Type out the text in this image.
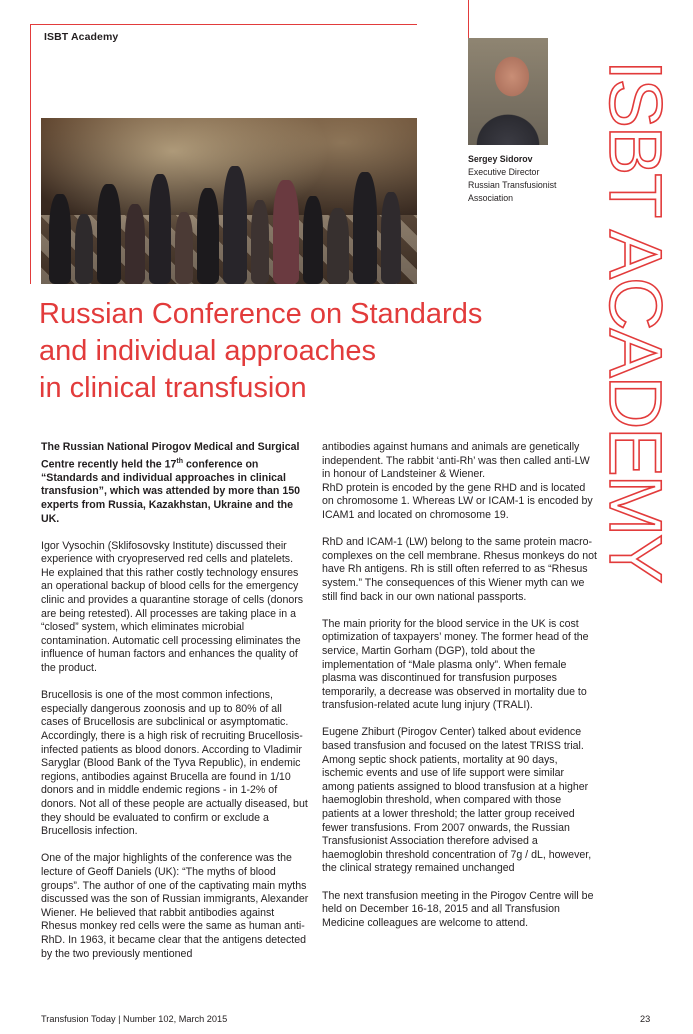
ISBT Academy
Sergey Sidorov
Executive Director
Russian Transfusionist
Association	ISBT ACADEMY
Russian Conference on Standards
and individual approaches
in clinical transfusion

The Russian National Pirogov Medical and Surgical Centre recently held the 17th conference on “Standards and individual approaches in clinical transfusion”, which was attended by more than 150 experts from Russia, Kazakhstan, Ukraine and the UK.

Igor Vysochin (Sklifosovsky Institute) discussed their experience with cryopreserved red cells and platelets. He explained that this rather costly technology ensures an operational backup of blood cells for the emergency clinic and provides a quarantine storage of cells (donors are being retested). All processes are taking place in a “closed” system, which eliminates microbial contamination. Automatic cell processing eliminates the influence of human factors and enhances the quality of the product.

Brucellosis is one of the most common infections, especially dangerous zoonosis and up to 80% of all cases of Brucellosis are subclinical or asymptomatic. Accordingly, there is a high risk of recruiting Brucellosis-infected patients as blood donors. According to Vladimir Saryglar (Blood Bank of the Tyva Republic), in endemic regions, antibodies against Brucella are found in 1/10 donors and in middle endemic regions - in 1-2% of donors. Not all of these people are actually diseased, but they should be evaluated to confirm or exclude a Brucellosis infection.

One of the major highlights of the conference was the lecture of Geoff Daniels (UK): “The myths of blood groups”. The author of one of the captivating main myths discussed was the son of Russian immigrants, Alexander Wiener. He believed that rabbit antibodies against Rhesus monkey red cells were the same as human anti-RhD. In 1963, it became clear that the antigens detected by the two previously mentioned

antibodies against humans and animals are genetically independent. The rabbit ‘anti-Rh’ was then called anti-LW in honour of Landsteiner & Wiener.

RhD protein is encoded by the gene RHD and is located on chromosome 1. Whereas LW or ICAM-1 is encoded by ICAM1 and located on chromosome 19.

RhD and ICAM-1 (LW) belong to the same protein macro-complexes on the cell membrane. Rhesus monkeys do not have Rh antigens. Rh is still often referred to as “Rhesus system.” The consequences of this Wiener myth can we still find back in our own national passports.

The main priority for the blood service in the UK is cost optimization of taxpayers’ money. The former head of the service, Martin Gorham (DGP), told about the implementation of “Male plasma only”. When female plasma was discontinued for transfusion purposes temporarily, a decrease was observed in mortality due to transfusion-related acute lung injury (TRALI).

Eugene Zhiburt (Pirogov Center) talked about evidence based transfusion and focused on the latest TRISS trial. Among septic shock patients, mortality at 90 days, ischemic events and use of life support were similar among patients assigned to blood transfusion at a higher haemoglobin threshold, when compared with those patients at a lower threshold; the latter group received fewer transfusions. From 2007 onwards, the Russian Transfusionist Association therefore advised a haemoglobin threshold concentration of 7g / dL, however, the clinical strategy remained unchanged

The next transfusion meeting in the Pirogov Centre will be held on December 16-18, 2015 and all Transfusion Medicine colleagues are welcome to attend.

Transfusion Today | Number 102, March 2015	23
